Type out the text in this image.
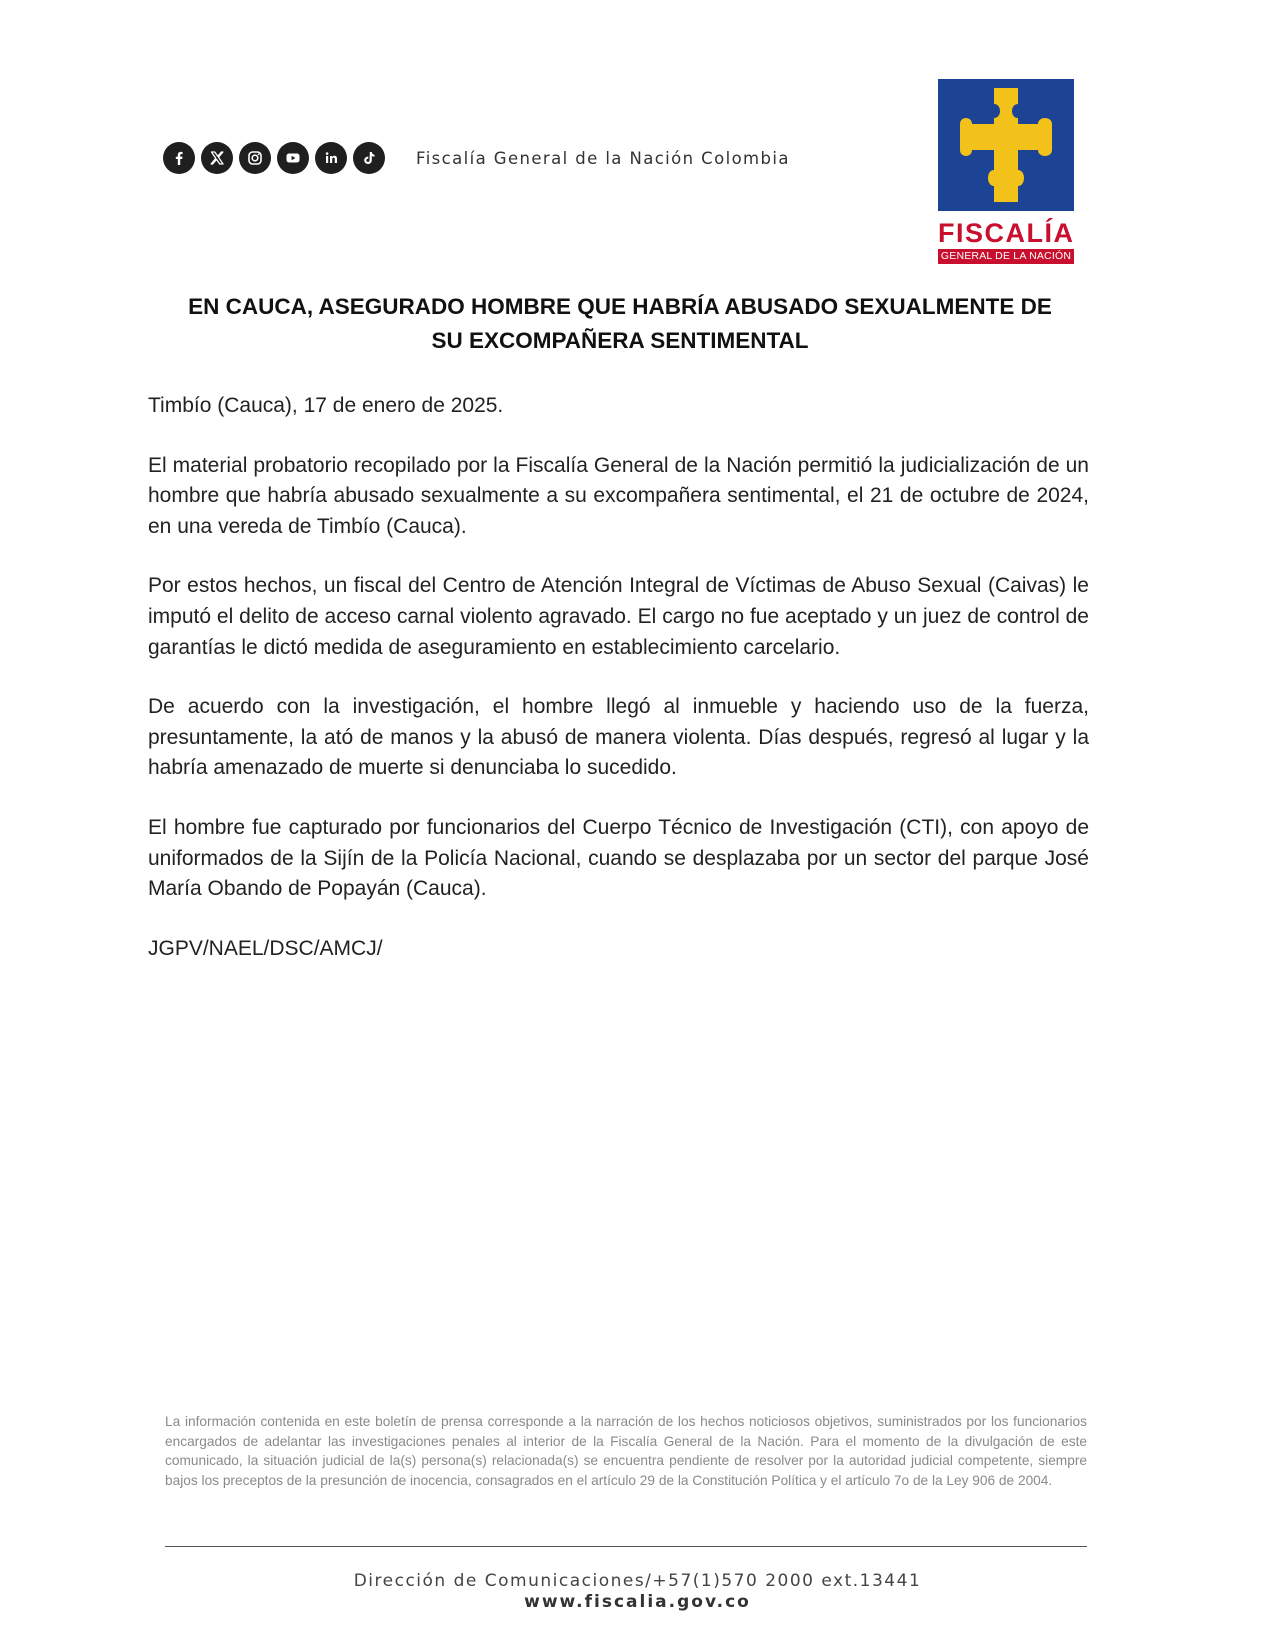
Fiscalía General de la Nación Colombia
FISCALÍA
GENERAL DE LA NACIÓN
EN CAUCA, ASEGURADO HOMBRE QUE HABRÍA ABUSADO SEXUALMENTE DE
SU EXCOMPAÑERA SENTIMENTAL

Timbío (Cauca), 17 de enero de 2025.

El material probatorio recopilado por la Fiscalía General de la Nación permitió la judicialización de un hombre que habría abusado sexualmente a su excompañera sentimental, el 21 de octubre de 2024, en una vereda de Timbío (Cauca).

Por estos hechos, un fiscal del Centro de Atención Integral de Víctimas de Abuso Sexual (Caivas) le imputó el delito de acceso carnal violento agravado. El cargo no fue aceptado y un juez de control de garantías le dictó medida de aseguramiento en establecimiento carcelario.

De acuerdo con la investigación, el hombre llegó al inmueble y haciendo uso de la fuerza, presuntamente, la ató de manos y la abusó de manera violenta. Días después, regresó al lugar y la habría amenazado de muerte si denunciaba lo sucedido.

El hombre fue capturado por funcionarios del Cuerpo Técnico de Investigación (CTI), con apoyo de uniformados de la Sijín de la Policía Nacional, cuando se desplazaba por un sector del parque José María Obando de Popayán (Cauca).

JGPV/NAEL/DSC/AMCJ/

La información contenida en este boletín de prensa corresponde a la narración de los hechos noticiosos objetivos, suministrados por los funcionarios encargados de adelantar las investigaciones penales al interior de la Fiscalía General de la Nación. Para el momento de la divulgación de este comunicado, la situación judicial de la(s) persona(s) relacionada(s) se encuentra pendiente de resolver por la autoridad judicial competente, siempre bajos los preceptos de la presunción de inocencia, consagrados en el artículo 29 de la Constitución Política y el artículo 7o de la Ley 906 de 2004.
Dirección de Comunicaciones/+57(1)570 2000 ext.13441
www.fiscalia.gov.co
